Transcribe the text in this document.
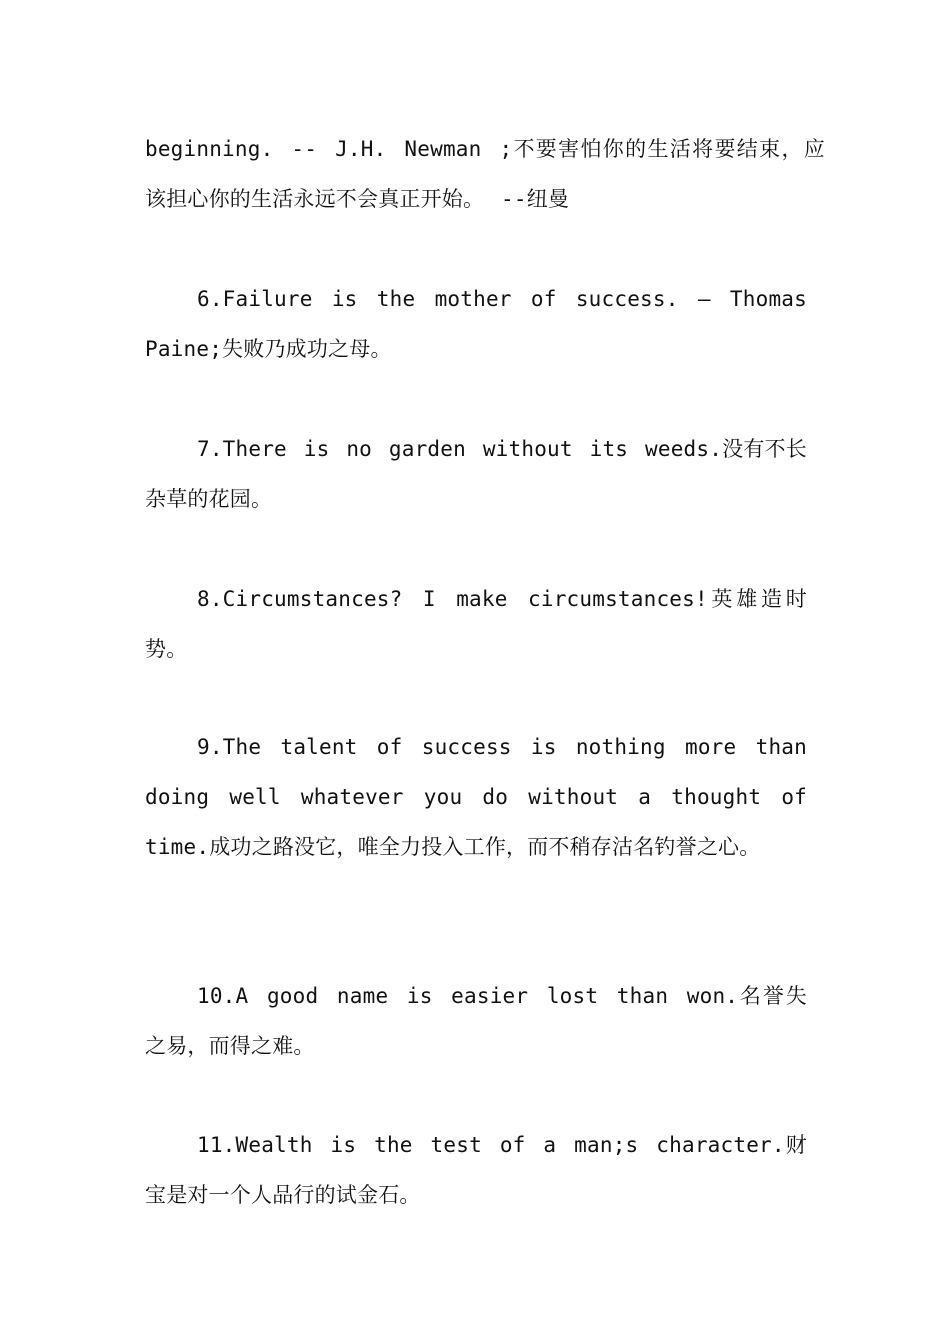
beginning. -- J.H. Newman ;不要害怕你的生活将要结束，应该担心你的生活永远不会真正开始。 --纽曼

6.Failure is the mother of success. – Thomas Paine;失败乃成功之母。

7.There is no garden without its weeds.没有不长杂草的花园。

8.Circumstances? I make circumstances!英雄造时势。

9.The talent of success is nothing more than doing well whatever you do without a thought of time.成功之路没它，唯全力投入工作，而不稍存沽名钓誉之心。

10.A good name is easier lost than won.名誉失之易，而得之难。

11.Wealth is the test of a man;s character.财宝是对一个人品行的试金石。
